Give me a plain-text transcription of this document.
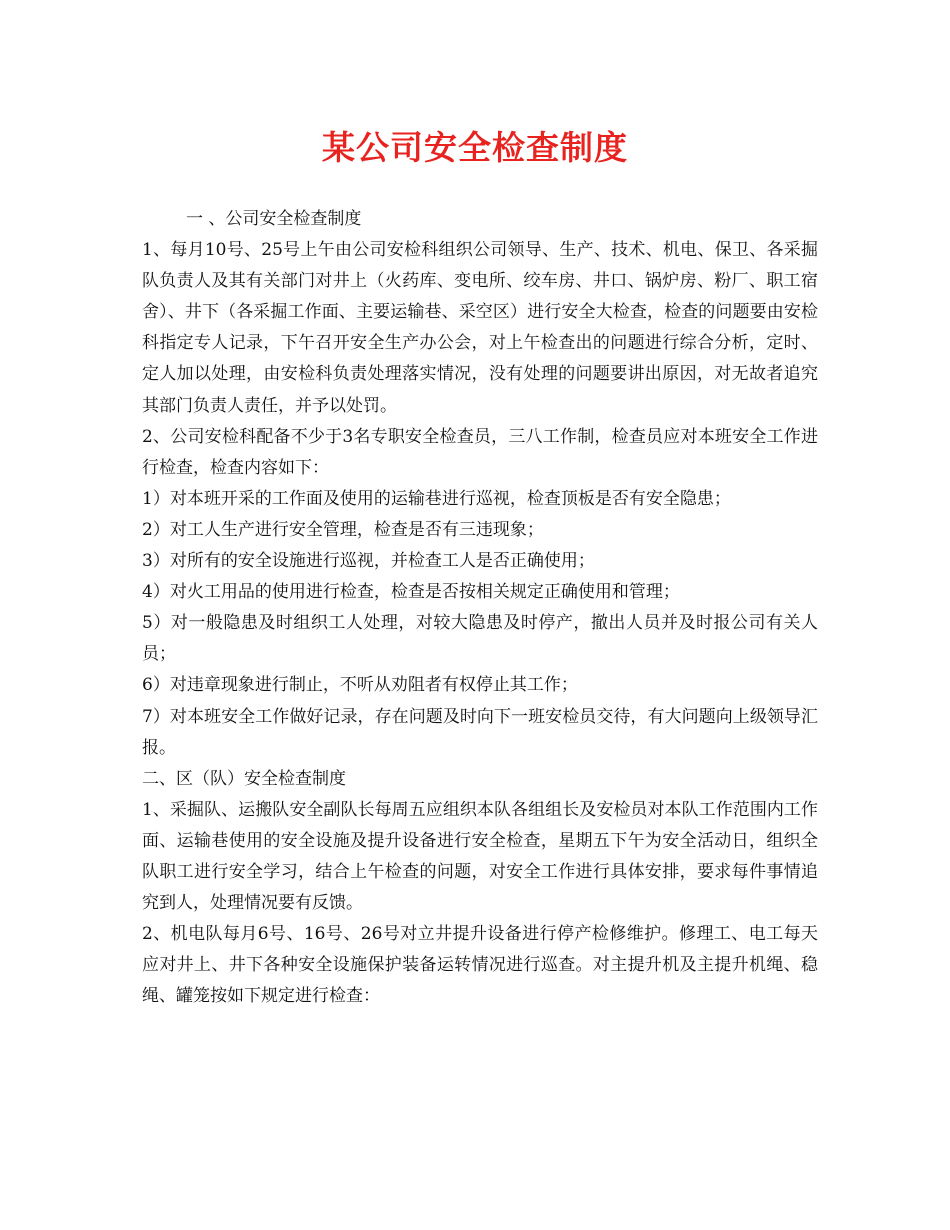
某公司安全检查制度

一 、公司安全检查制度

1、每月10号、25号上午由公司安检科组织公司领导、生产、技术、机电、保卫、各采掘队负责人及其有关部门对井上（火药库、变电所、绞车房、井口、锅炉房、粉厂、职工宿舍）、井下（各采掘工作面、主要运输巷、采空区）进行安全大检查，检查的问题要由安检科指定专人记录，下午召开安全生产办公会，对上午检查出的问题进行综合分析，定时、定人加以处理，由安检科负责处理落实情况，没有处理的问题要讲出原因，对无故者追究其部门负责人责任，并予以处罚。

2、公司安检科配备不少于3名专职安全检查员，三八工作制，检查员应对本班安全工作进行检查，检查内容如下：

1）对本班开采的工作面及使用的运输巷进行巡视，检查顶板是否有安全隐患；

2）对工人生产进行安全管理，检查是否有三违现象；

3）对所有的安全设施进行巡视，并检查工人是否正确使用；

4）对火工用品的使用进行检查，检查是否按相关规定正确使用和管理；

5）对一般隐患及时组织工人处理，对较大隐患及时停产，撤出人员并及时报公司有关人员；

6）对违章现象进行制止，不听从劝阻者有权停止其工作；

7）对本班安全工作做好记录，存在问题及时向下一班安检员交待，有大问题向上级领导汇报。

二、区（队）安全检查制度

1、采掘队、运搬队安全副队长每周五应组织本队各组组长及安检员对本队工作范围内工作面、运输巷使用的安全设施及提升设备进行安全检查，星期五下午为安全活动日，组织全队职工进行安全学习，结合上午检查的问题，对安全工作进行具体安排，要求每件事情追究到人，处理情况要有反馈。

2、机电队每月6号、16号、26号对立井提升设备进行停产检修维护。修理工、电工每天应对井上、井下各种安全设施保护装备运转情况进行巡查。对主提升机及主提升机绳、稳绳、罐笼按如下规定进行检查：
